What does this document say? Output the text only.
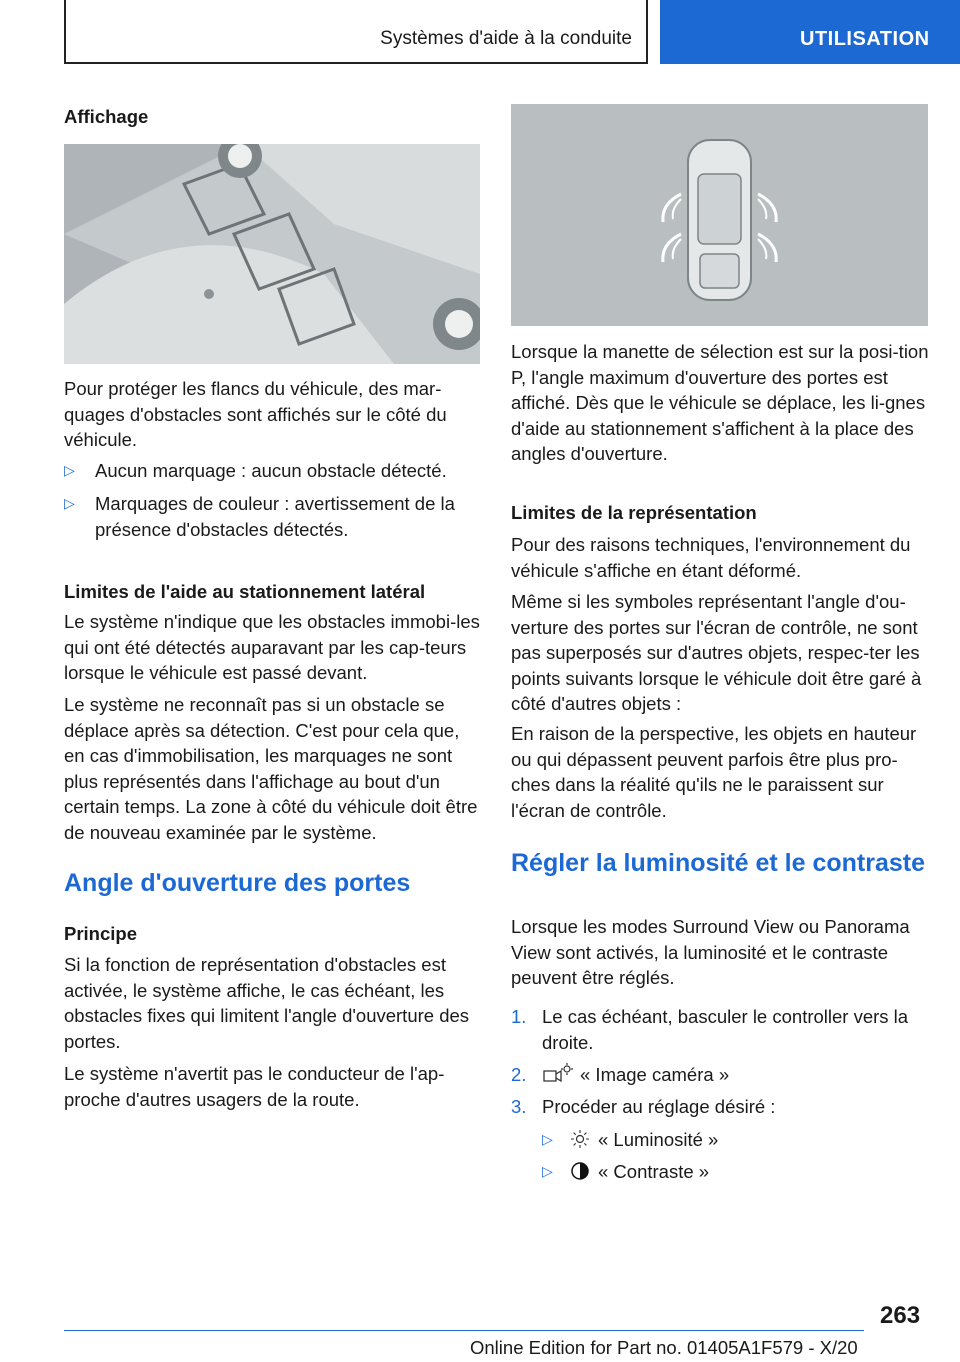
Systèmes d'aide à la conduite	UTILISATION
Affichage
Pour protéger les flancs du véhicule, des mar‐quages d'obstacles sont affichés sur le côté du véhicule.
▷ Aucun marquage : aucun obstacle détecté.
▷ Marquages de couleur : avertissement de la présence d'obstacles détectés.
Limites de l'aide au stationnement latéral
Le système n'indique que les obstacles immobi‐les qui ont été détectés auparavant par les cap‐teurs lorsque le véhicule est passé devant.
Le système ne reconnaît pas si un obstacle se déplace après sa détection. C'est pour cela que, en cas d'immobilisation, les marquages ne sont plus représentés dans l'affichage au bout d'un certain temps. La zone à côté du véhicule doit être de nouveau examinée par le système.
Angle d'ouverture des portes
Principe
Si la fonction de représentation d'obstacles est activée, le système affiche, le cas échéant, les obstacles fixes qui limitent l'angle d'ouverture des portes.
Le système n'avertit pas le conducteur de l'ap‐proche d'autres usagers de la route.
Lorsque la manette de sélection est sur la posi‐tion P, l'angle maximum d'ouverture des portes est affiché. Dès que le véhicule se déplace, les li‐gnes d'aide au stationnement s'affichent à la place des angles d'ouverture.
Limites de la représentation
Pour des raisons techniques, l'environnement du véhicule s'affiche en étant déformé.
Même si les symboles représentant l'angle d'ou‐verture des portes sur l'écran de contrôle, ne sont pas superposés sur d'autres objets, respec‐ter les points suivants lorsque le véhicule doit être garé à côté d'autres objets :
En raison de la perspective, les objets en hauteur ou qui dépassent peuvent parfois être plus pro‐ches dans la réalité qu'ils ne le paraissent sur l'écran de contrôle.
Régler la luminosité et le contraste
Lorsque les modes Surround View ou Panorama View sont activés, la luminosité et le contraste peuvent être réglés.
1. Le cas échéant, basculer le controller vers la droite.
2.	« Image caméra »
3. Procéder au réglage désiré :
▷	« Luminosité »
▷	« Contraste »
263
Online Edition for Part no. 01405A1F579 - X/20
